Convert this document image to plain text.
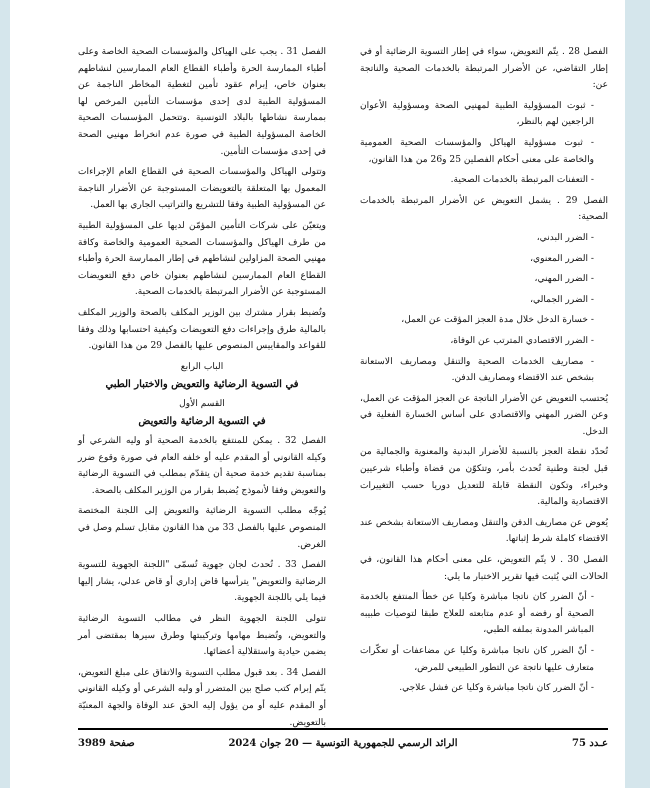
الفصل 28 . يتّم التعويض، سواء في إطار التسوية الرضائية أو في إطار التقاضي، عن الأضرار المرتبطة بالخدمات الصحية والناتجة عن:

- ثبوت المسؤولية الطبية لمهنيي الصحة ومسؤولية الأعوان الراجعين لهم بالنظر،

- ثبوت مسؤولية الهياكل والمؤسسات الصحية العمومية والخاصة على معنى أحكام الفصلين 25 و26 من هذا القانون،

- التعفنات المرتبطة بالخدمات الصحية.

الفصل 29 . يشمل التعويض عن الأضرار المرتبطة بالخدمات الصحية:

- الضرر البدني،

- الضرر المعنوي،

- الضرر المهني،

- الضرر الجمالي،

- خسارة الدخل خلال مدة العجز المؤقت عن العمل،

- الضرر الاقتصادي المترتب عن الوفاة،

- مصاريف الخدمات الصحية والتنقل ومصاريف الاستعانة بشخص عند الاقتضاء ومصاريف الدفن.

يُحتسب التعويض عن الأضرار الناتجة عن العجز المؤقت عن العمل، وعن الضرر المهني والاقتصادي على أساس الخسارة الفعلية في الدخل.

تُحدّد نقطة العجز بالنسبة للأضرار البدنية والمعنوية والجمالية من قبل لجنة وطنية تُحدث بأمر، وتتكوّن من قضاة وأطباء شرعيين وخبراء، وتكون النقطة قابلة للتعديل دوريا حسب التغييرات الاقتصادية والمالية.

يُعوض عن مصاريف الدفن والتنقل ومصاريف الاستعانة بشخص عند الاقتضاء كاملة شرط إثباتها.

الفصل 30 . لا يتّم التعويض، على معنى أحكام هذا القانون، في الحالات التي يُثبت فيها تقرير الاختبار ما يلي:

- أنّ الضرر كان ناتجا مباشرة وكليا عن خطأ المنتفع بالخدمة الصحية أو رفضه أو عدم متابعته للعلاج طبقا لتوصيات طبيبه المباشر المدونة بملفه الطبي،

- أنّ الضرر كان ناتجا مباشرة وكليا عن مضاعفات أو تعكّرات متعارف عليها ناتجة عن التطور الطبيعي للمرض،

- أنّ الضرر كان ناتجا مباشرة وكليا عن فشل علاجي.

الفصل 31 . يجب على الهياكل والمؤسسات الصحية الخاصة وعلى أطباء الممارسة الحرة وأطباء القطاع العام الممارسين لنشاطهم بعنوان خاص، إبرام عقود تأمين لتغطية المخاطر الناجمة عن المسؤولية الطبية لدى إحدى مؤسسات التأمين المرخص لها بممارسة نشاطها بالبلاد التونسية .وتتحمل المؤسسات الصحية الخاصة المسؤولية الطبية في صورة عدم انخراط مهنيي الصحة في إحدى مؤسسات التأمين.

وتتولى الهياكل والمؤسسات الصحية في القطاع العام الإجراءات المعمول بها المتعلقة بالتعويضات المستوجبة عن الأضرار الناجمة عن المسؤولية الطبية وفقا للتشريع والتراتيب الجاري بها العمل.

ويتعيّن على شركات التأمين المؤمّن لديها على المسؤولية الطبية من طرف الهياكل والمؤسسات الصحية العمومية والخاصة وكافة مهنيي الصحة المزاولين لنشاطهم في إطار الممارسة الحرة وأطباء القطاع العام الممارسين لنشاطهم بعنوان خاص دفع التعويضات المستوجبة عن الأضرار المرتبطة بالخدمات الصحية.

وتُضبط بقرار مشترك بين الوزير المكلف بالصحة والوزير المكلف بالمالية طرق وإجراءات دفع التعويضات وكيفية احتسابها وذلك وفقا للقواعد والمقاييس المنصوص عليها بالفصل 29 من هذا القانون.

الباب الرابع

في التسوية الرضائية والتعويض والاختبار الطبي

القسم الأول

في التسوية الرضائية والتعويض

الفصل 32 . يمكن للمنتفع بالخدمة الصحية أو وليه الشرعي أو وكيله القانوني أو المقدم عليه أو خلفه العام في صورة وقوع ضرر بمناسبة تقديم خدمة صحية أن يتقدّم بمطلب في التسوية الرضائية والتعويض وفقا لأنموذج يُضبط بقرار من الوزير المكلف بالصحة.

يُوجّه مطلب التسوية الرضائية والتعويض إلى اللجنة المختصة المنصوص عليها بالفصل 33 من هذا القانون مقابل تسلم وصل في الغرض.

الفصل 33 . تُحدث لجان جهوية تُسمّى "اللجنة الجهوية للتسوية الرضائية والتعويض" يترأسها قاض إداري أو قاض عدلي، يشار إليها فيما يلي باللجنة الجهوية.

تتولى اللجنة الجهوية النظر في مطالب التسوية الرضائية والتعويض، وتُضبط مهامها وتركيبتها وطرق سيرها بمقتضى أمر يضمن حيادية واستقلالية أعضائها.

الفصل 34 . بعد قبول مطلب التسوية والاتفاق على مبلغ التعويض، يتّم إبرام كتب صلح بين المتضرر أو وليه الشرعي أو وكيله القانوني أو المقدم عليه أو من يؤول إليه الحق عند الوفاة والجهة المعنيّة بالتعويض.

عـدد 75
الرائد الرسمي للجمهورية التونسية — 20 جوان 2024
صفحة 3989
